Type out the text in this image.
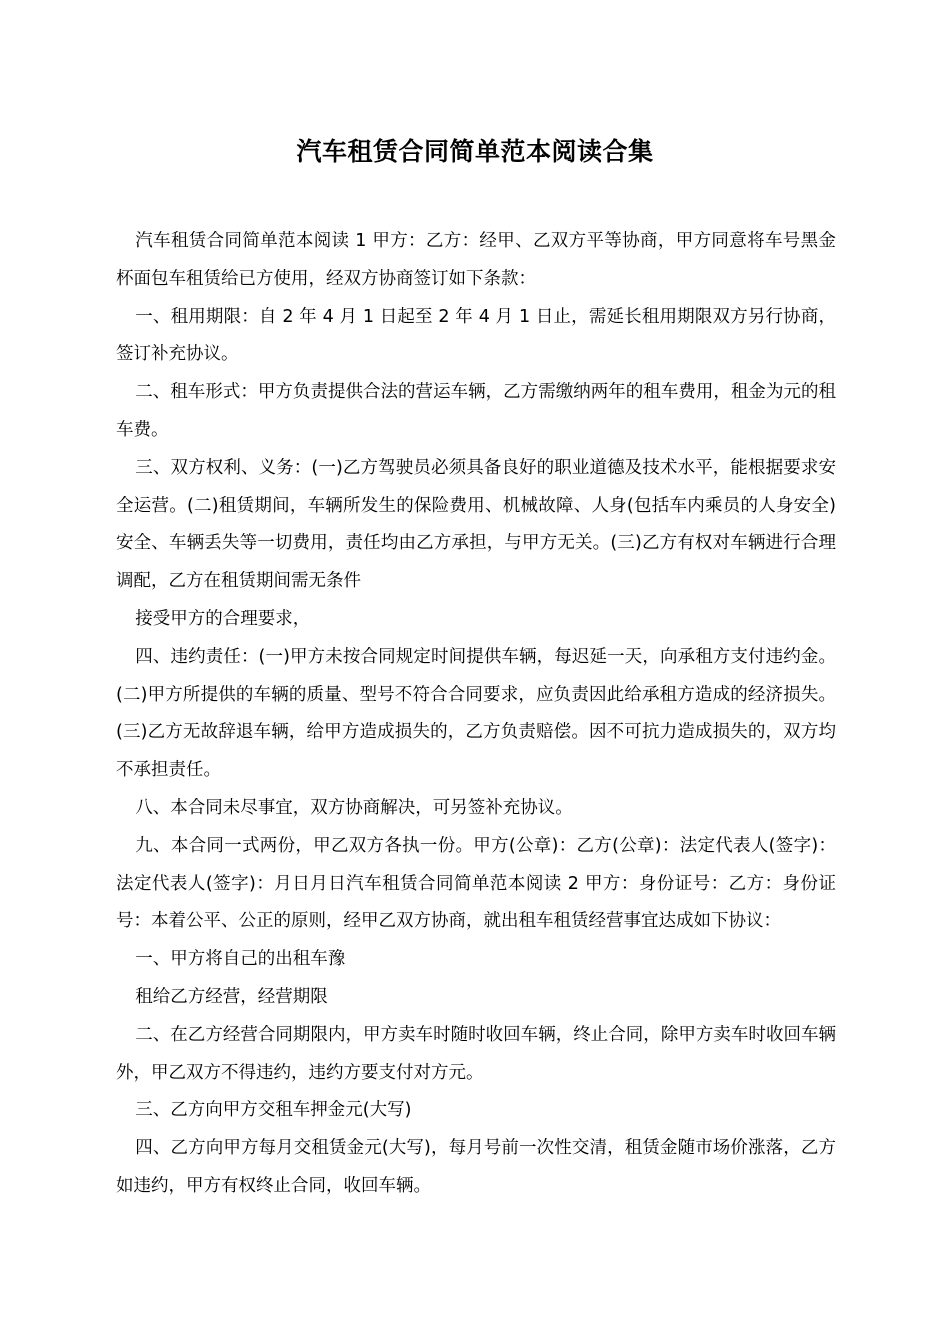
汽车租赁合同简单范本阅读合集

汽车租赁合同简单范本阅读 1 甲方：乙方：经甲、乙双方平等协商，甲方同意将车号黑金杯面包车租赁给已方使用，经双方协商签订如下条款：

一、租用期限：自 2 年 4 月 1 日起至 2 年 4 月 1 日止，需延长租用期限双方另行协商，签订补充协议。

二、租车形式：甲方负责提供合法的营运车辆，乙方需缴纳两年的租车费用，租金为元的租车费。

三、双方权利、义务：(一)乙方驾驶员必须具备良好的职业道德及技术水平，能根据要求安全运营。(二)租赁期间，车辆所发生的保险费用、机械故障、人身(包括车内乘员的人身安全)安全、车辆丢失等一切费用，责任均由乙方承担，与甲方无关。(三)乙方有权对车辆进行合理调配，乙方在租赁期间需无条件

接受甲方的合理要求，

四、违约责任：(一)甲方未按合同规定时间提供车辆，每迟延一天，向承租方支付违约金。(二)甲方所提供的车辆的质量、型号不符合合同要求，应负责因此给承租方造成的经济损失。(三)乙方无故辞退车辆，给甲方造成损失的，乙方负责赔偿。因不可抗力造成损失的，双方均不承担责任。

八、本合同未尽事宜，双方协商解决，可另签补充协议。

九、本合同一式两份，甲乙双方各执一份。甲方(公章)：乙方(公章)：法定代表人(签字)：法定代表人(签字)：月日月日汽车租赁合同简单范本阅读 2 甲方：身份证号：乙方：身份证号：本着公平、公正的原则，经甲乙双方协商，就出租车租赁经营事宜达成如下协议：

一、甲方将自己的出租车豫

租给乙方经营，经营期限

二、在乙方经营合同期限内，甲方卖车时随时收回车辆，终止合同，除甲方卖车时收回车辆外，甲乙双方不得违约，违约方要支付对方元。

三、乙方向甲方交租车押金元(大写)

四、乙方向甲方每月交租赁金元(大写)，每月号前一次性交清，租赁金随市场价涨落，乙方如违约，甲方有权终止合同，收回车辆。
